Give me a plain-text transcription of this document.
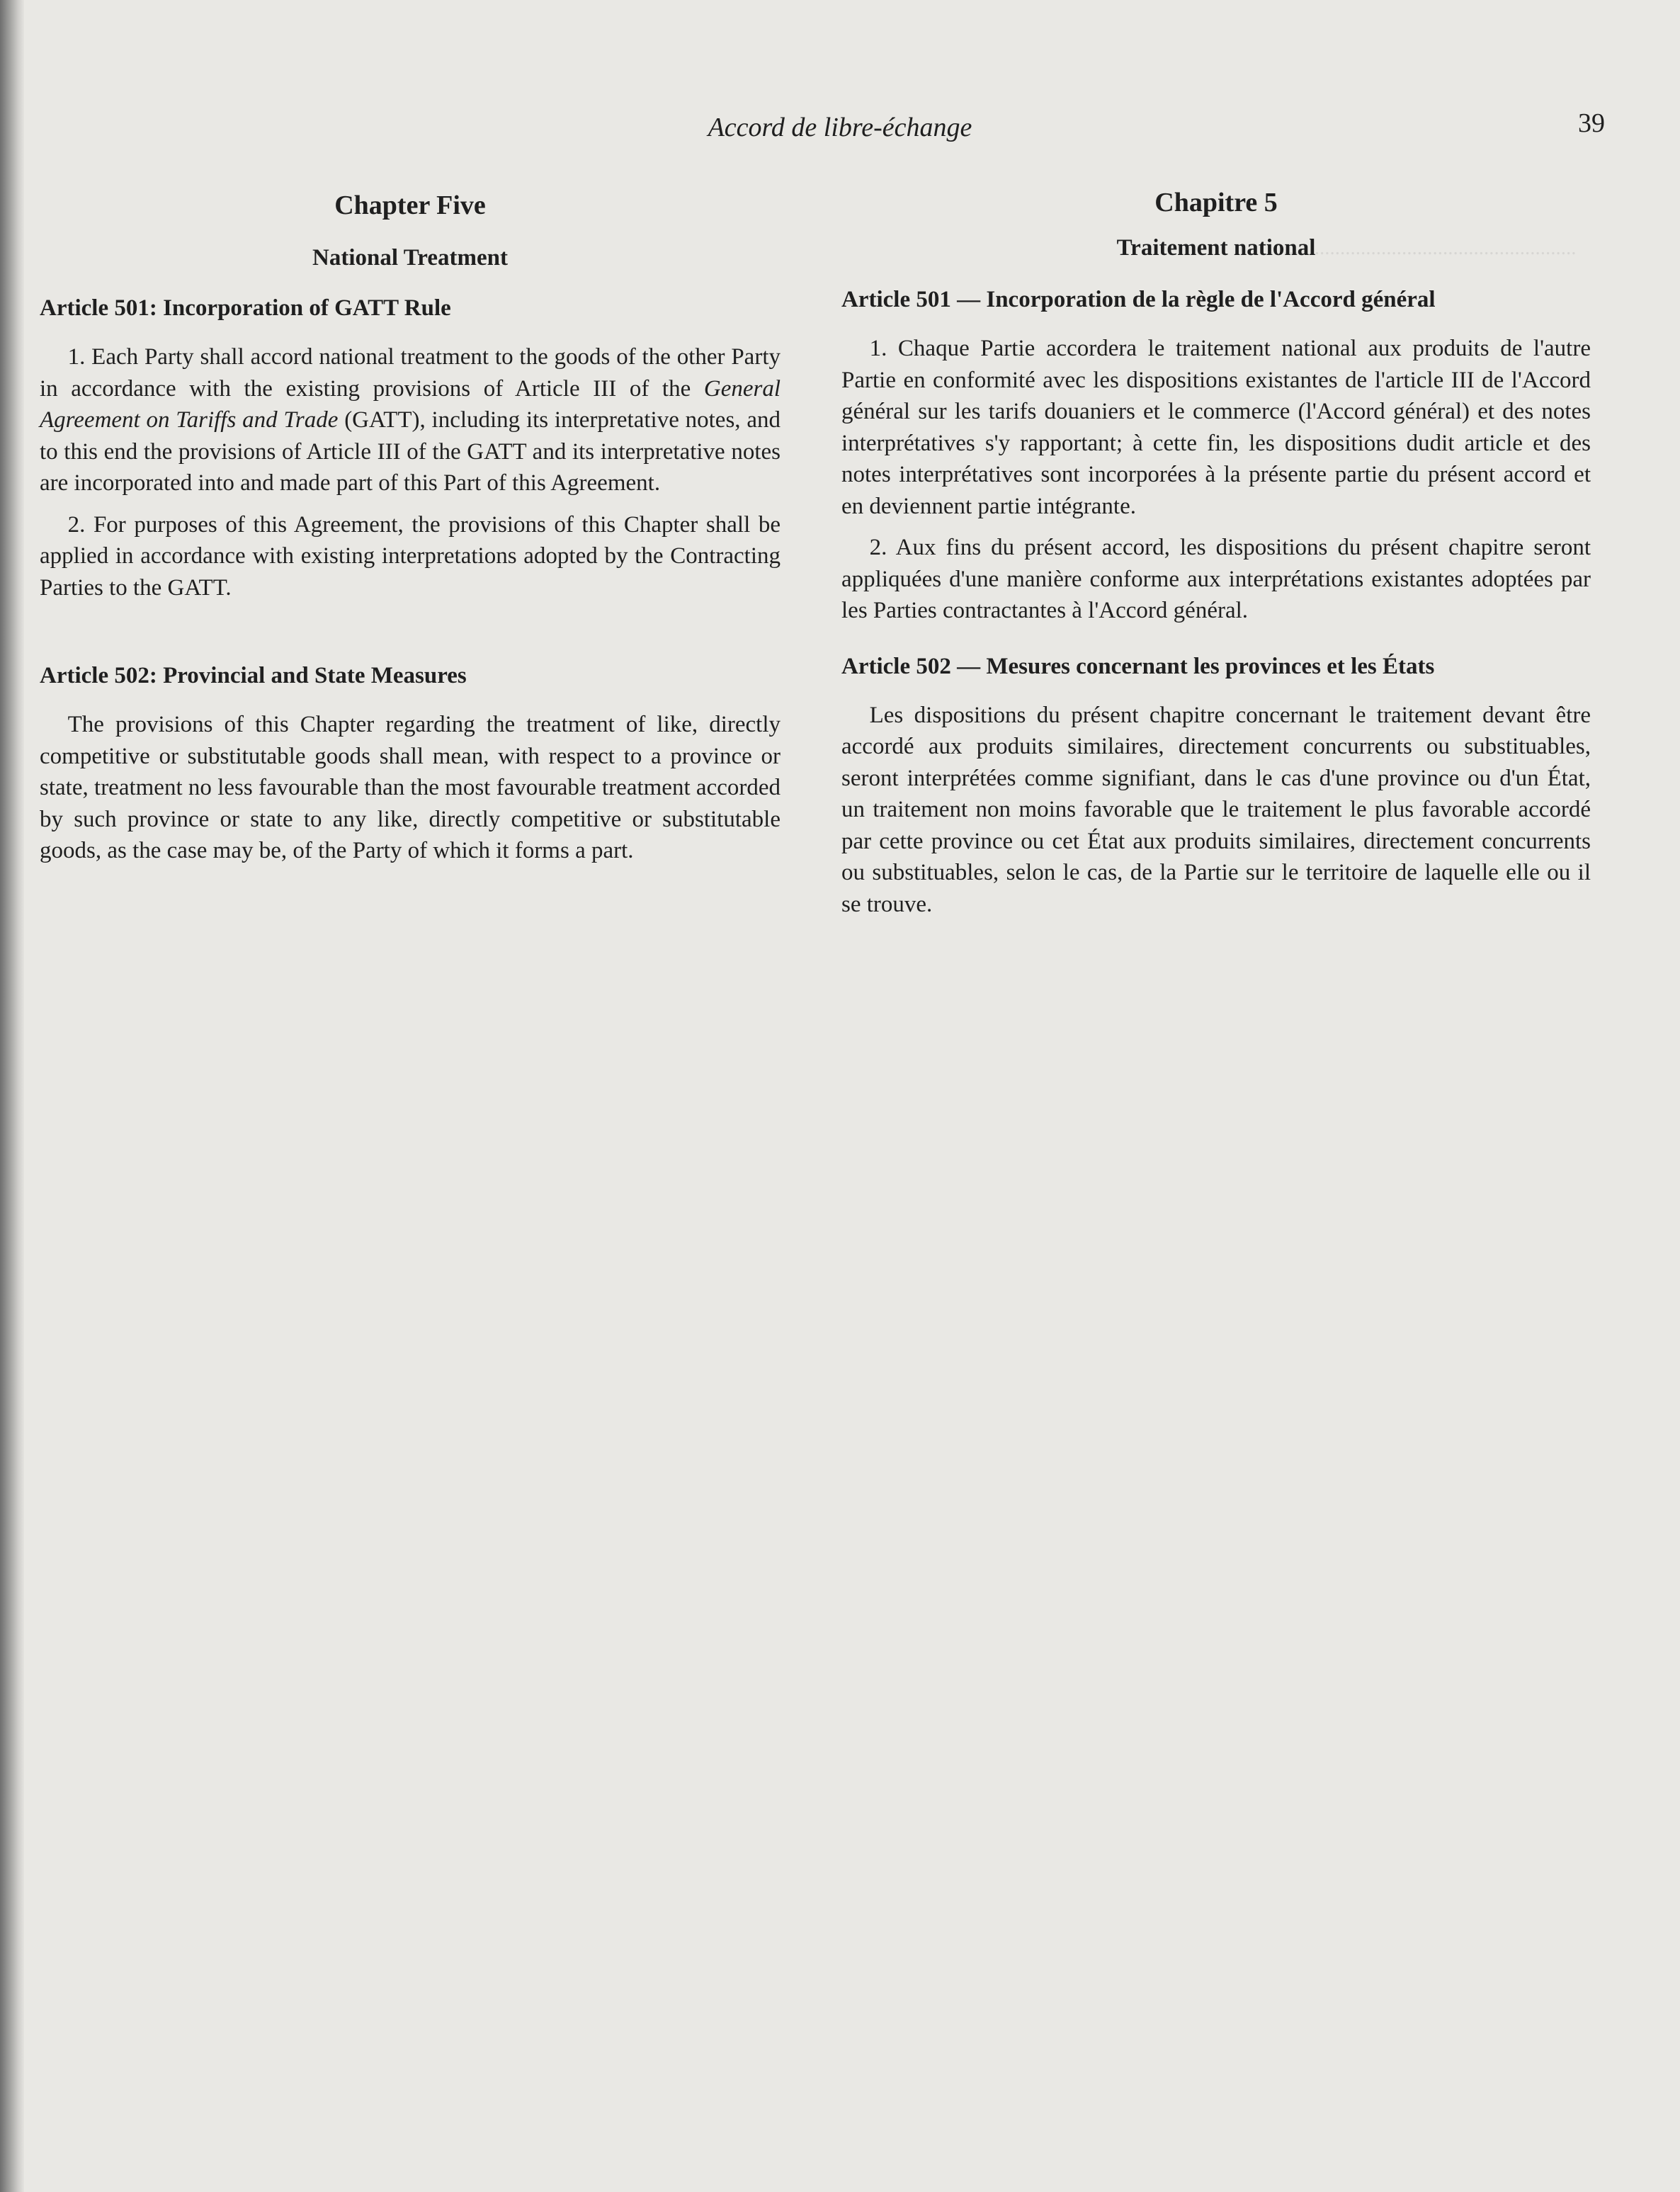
............................................................

Accord de libre-échange	39
Chapter Five
National Treatment
Article 501: Incorporation of GATT Rule

1. Each Party shall accord national treatment to the goods of the other Party in accordance with the existing provisions of Article III of the General Agreement on Tariffs and Trade (GATT), including its interpretative notes, and to this end the provisions of Article III of the GATT and its interpretative notes are incorporated into and made part of this Part of this Agreement.

2. For purposes of this Agreement, the provisions of this Chapter shall be applied in accordance with existing interpretations adopted by the Contracting Parties to the GATT.

Article 502: Provincial and State Measures

The provisions of this Chapter regarding the treatment of like, directly competitive or substitutable goods shall mean, with respect to a province or state, treatment no less favourable than the most favourable treatment accorded by such province or state to any like, directly competitive or substitutable goods, as the case may be, of the Party of which it forms a part.

Chapitre 5
Traitement national
Article 501 — Incorporation de la règle de l'Accord général

1. Chaque Partie accordera le traitement national aux produits de l'autre Partie en conformité avec les dispositions existantes de l'article III de l'Accord général sur les tarifs douaniers et le commerce (l'Accord général) et des notes interprétatives s'y rapportant; à cette fin, les dispositions dudit article et des notes interprétatives sont incorporées à la présente partie du présent accord et en deviennent partie intégrante.

2. Aux fins du présent accord, les dispositions du présent chapitre seront appliquées d'une manière conforme aux interprétations existantes adoptées par les Parties contractantes à l'Accord général.

Article 502 — Mesures concernant les provinces et les États

Les dispositions du présent chapitre concernant le traitement devant être accordé aux produits similaires, directement concurrents ou substituables, seront interprétées comme signifiant, dans le cas d'une province ou d'un État, un traitement non moins favorable que le traitement le plus favorable accordé par cette province ou cet État aux produits similaires, directement concurrents ou substituables, selon le cas, de la Partie sur le territoire de laquelle elle ou il se trouve.
